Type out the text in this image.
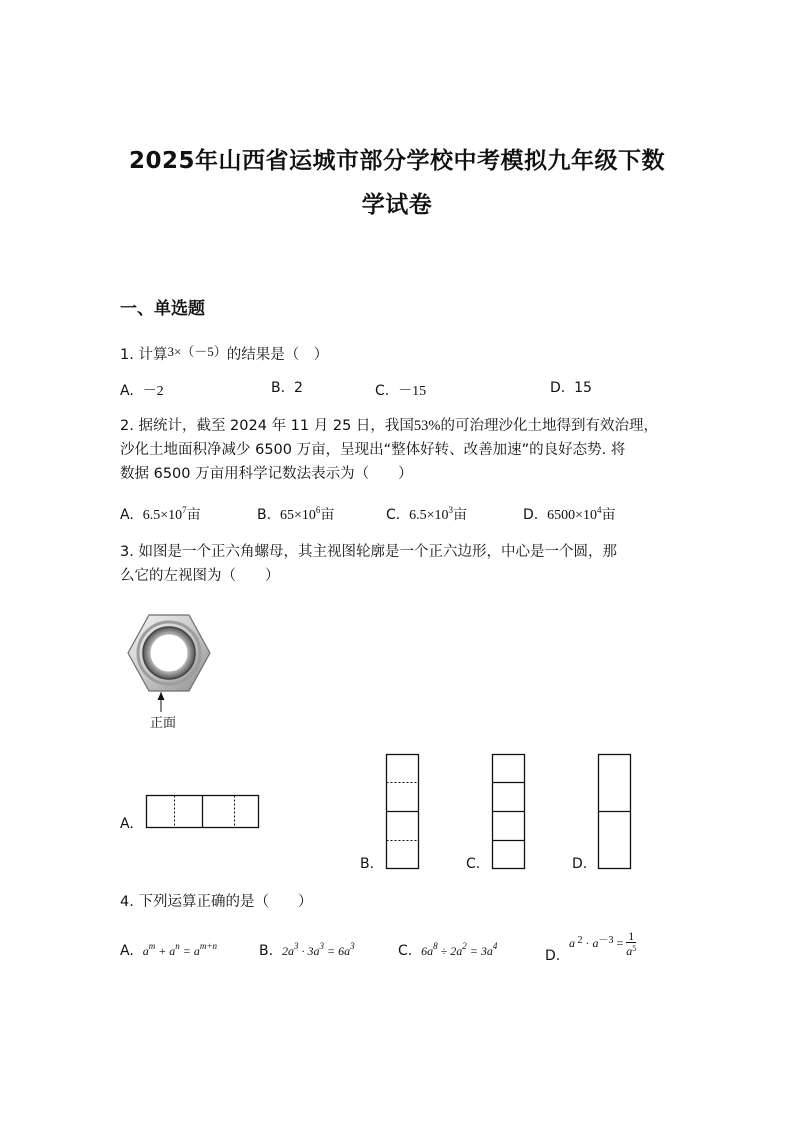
2025年山西省运城市部分学校中考模拟九年级下数
学试卷
一、单选题
1. 计算3×（－5）的结果是（　）
A. －2	B. 2	C. －15	D. 15
2. 据统计，截至 2024 年 11 月 25 日，我国53%的可治理沙化土地得到有效治理，
沙化土地面积净减少 6500 万亩，呈现出“整体好转、改善加速”的良好态势. 将
数据 6500 万亩用科学记数法表示为（　　）
A. $6.5\times 10^7$亩	B. $65\times 10^6$亩	C. $6.5\times 10^3$亩	D. $6500\times 10^4$亩
3. 如图是一个正六角螺母，其主视图轮廓是一个正六边形，中心是一个圆，那
么它的左视图为（　　）
正面
A.
B.	C.	D.
4. 下列运算正确的是（　　）
A. $a^m + a^n = a^{m+n}$	B. $2a^3 \cdot 3a^3 = 6a^3$	C. $6a^8 \div 2a^2 = 3a^4$
D.
a $^2 \cdot a^{-3} = \frac{1}{a^5}$
